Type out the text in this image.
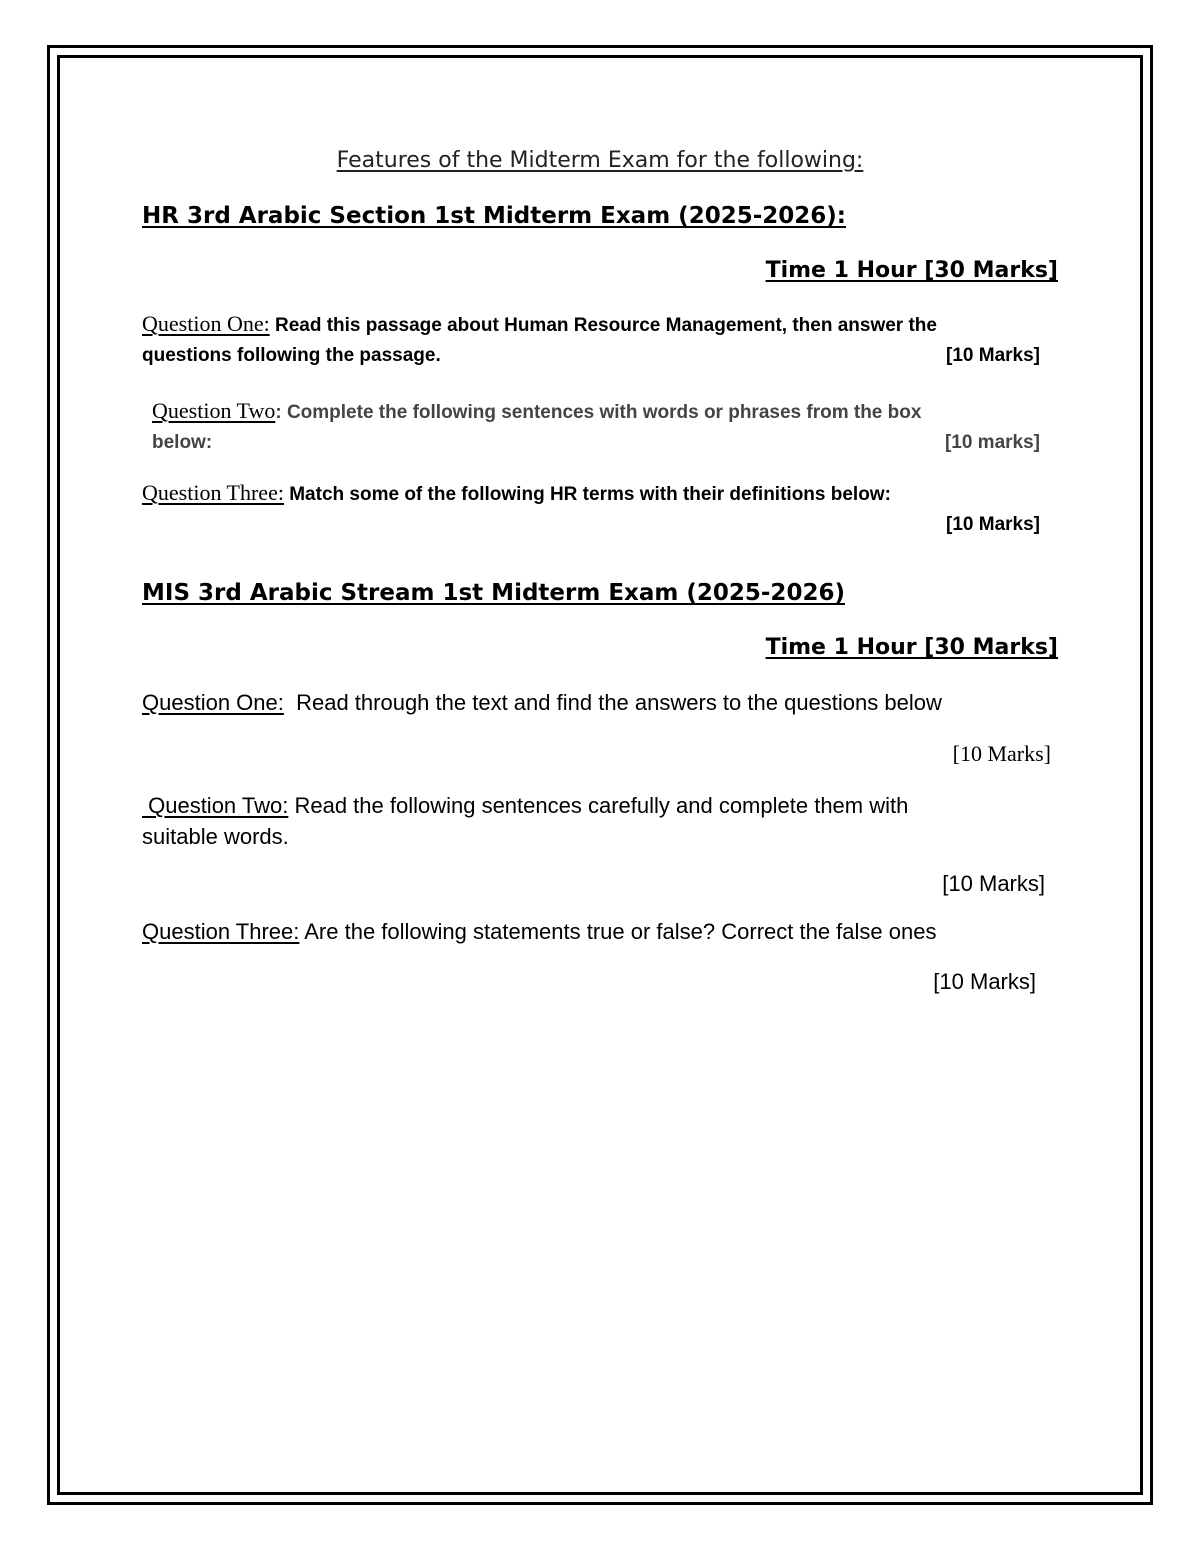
Features of the Midterm Exam for the following:
HR 3rd Arabic Section 1st Midterm Exam (2025-2026):
Time 1 Hour [30 Marks]
Question One: Read this passage about Human Resource Management, then answer the
questions following the passage.	[10 Marks]
Question Two: Complete the following sentences with words or phrases from the box
below:	[10 marks]
Question Three: Match some of the following HR terms with their definitions below:
[10 Marks]
MIS 3rd Arabic Stream 1st Midterm Exam (2025-2026)
Time 1 Hour [30 Marks]
Question One:  Read through the text and find the answers to the questions below
[10 Marks]
Question Two: Read the following sentences carefully and complete them with
suitable words.
[10 Marks]
Question Three: Are the following statements true or false? Correct the false ones
[10 Marks]
